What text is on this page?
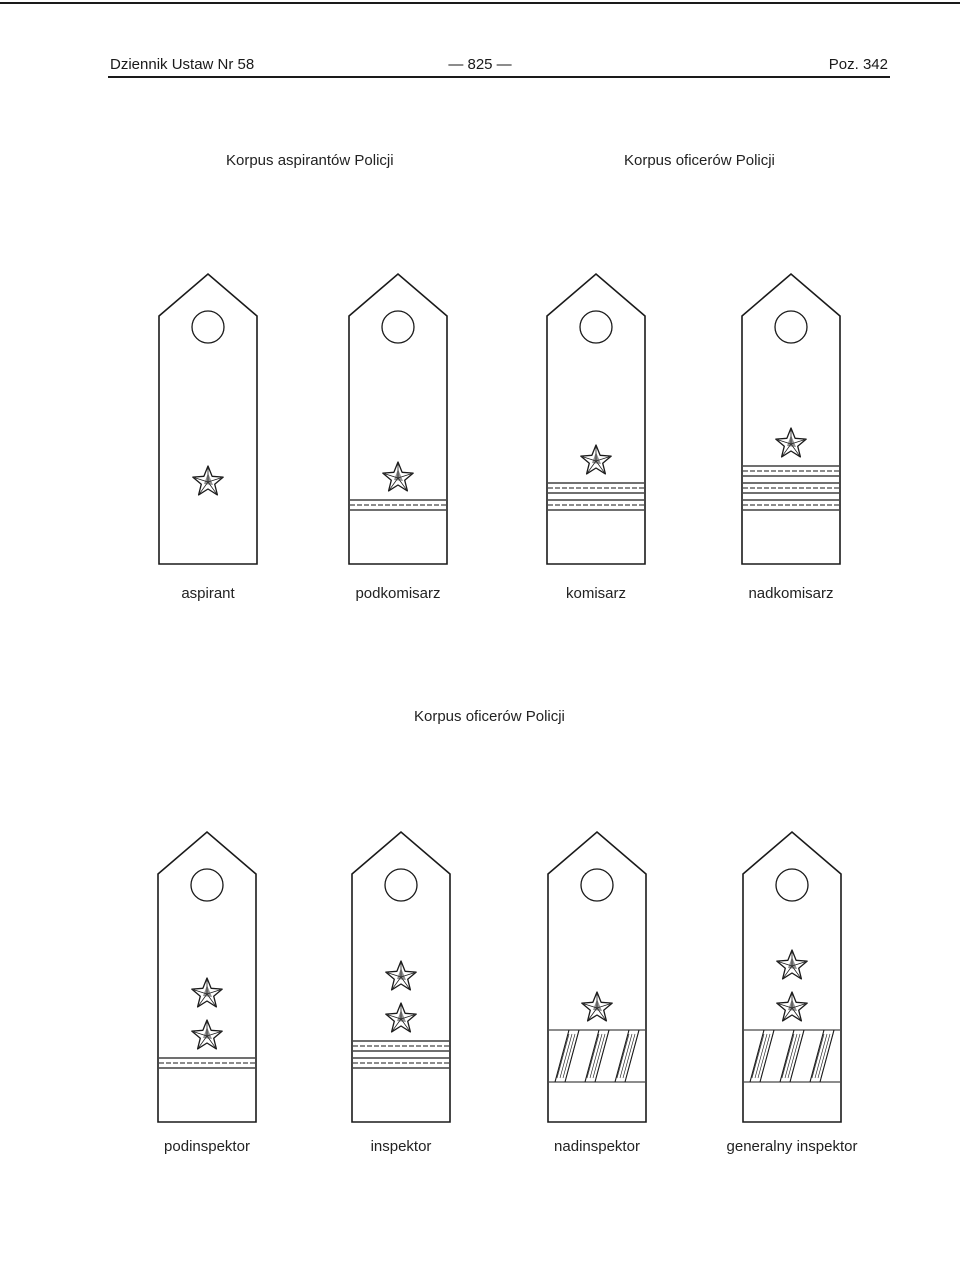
Dziennik Ustaw Nr 58	— 825 —	Poz. 342
Korpus aspirantów Policji	Korpus oficerów Policji
Korpus oficerów Policji
aspirant	podkomisarz	komisarz	nadkomisarz
podinspektor	inspektor	nadinspektor	generalny inspektor
